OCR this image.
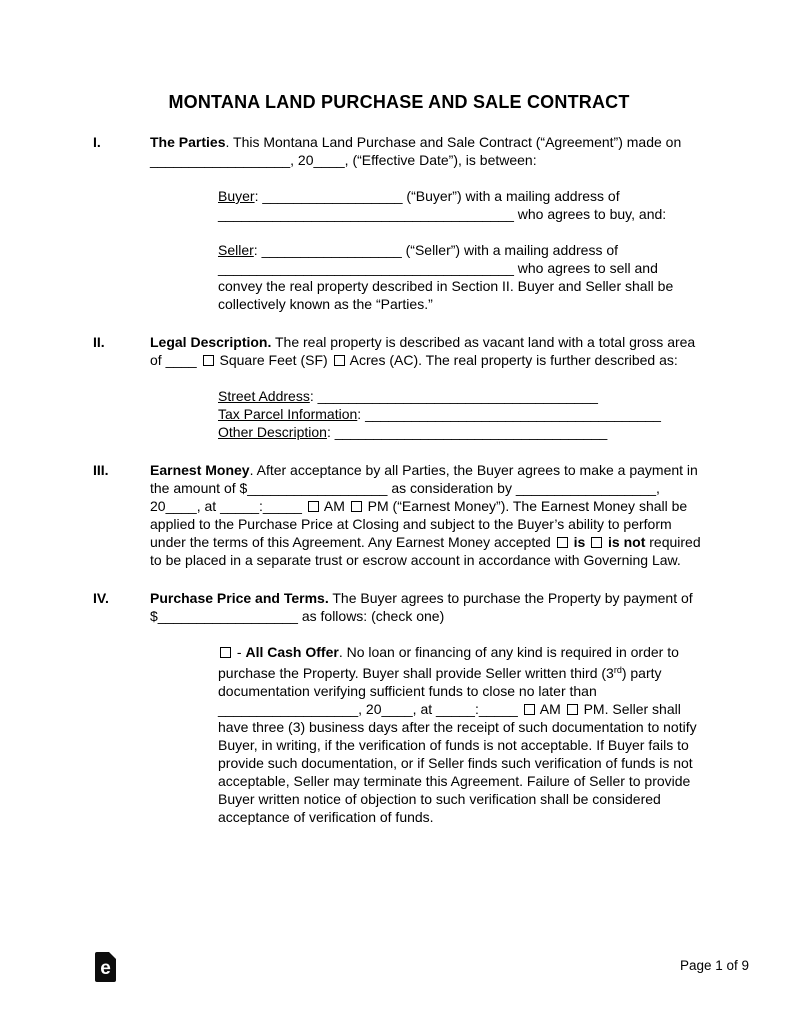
MONTANA LAND PURCHASE AND SALE CONTRACT
I.	The Parties. This Montana Land Purchase and Sale Contract (“Agreement”) made on __________________, 20____, (“Effective Date”), is between:

Buyer: __________________ (“Buyer”) with a mailing address of ______________________________________ who agrees to buy, and:

Seller: __________________ (“Seller”) with a mailing address of ______________________________________ who agrees to sell and convey the real property described in Section II. Buyer and Seller shall be collectively known as the “Parties.”

II.	Legal Description. The real property is described as vacant land with a total gross area of ____  Square Feet (SF)  Acres (AC). The real property is further described as:

Street Address: ____________________________________

Tax Parcel Information: ______________________________________

Other Description: ___________________________________

III.	Earnest Money. After acceptance by all Parties, the Buyer agrees to make a payment in the amount of $__________________ as consideration by __________________, 20____, at _____:_____  AM  PM (“Earnest Money”). The Earnest Money shall be applied to the Purchase Price at Closing and subject to the Buyer’s ability to perform under the terms of this Agreement. Any Earnest Money accepted  is is not required to be placed in a separate trust or escrow account in accordance with Governing Law.

IV.	Purchase Price and Terms. The Buyer agrees to purchase the Property by payment of $__________________ as follows: (check one)

- All Cash Offer. No loan or financing of any kind is required in order to purchase the Property. Buyer shall provide Seller written third (3rd) party documentation verifying sufficient funds to close no later than __________________, 20____, at _____:_____  AM  PM. Seller shall have three (3) business days after the receipt of such documentation to notify Buyer, in writing, if the verification of funds is not acceptable. If Buyer fails to provide such documentation, or if Seller finds such verification of funds is not acceptable, Seller may terminate this Agreement. Failure of Seller to provide Buyer written notice of objection to such verification shall be considered acceptance of verification of funds.

e	Page 1 of 9
